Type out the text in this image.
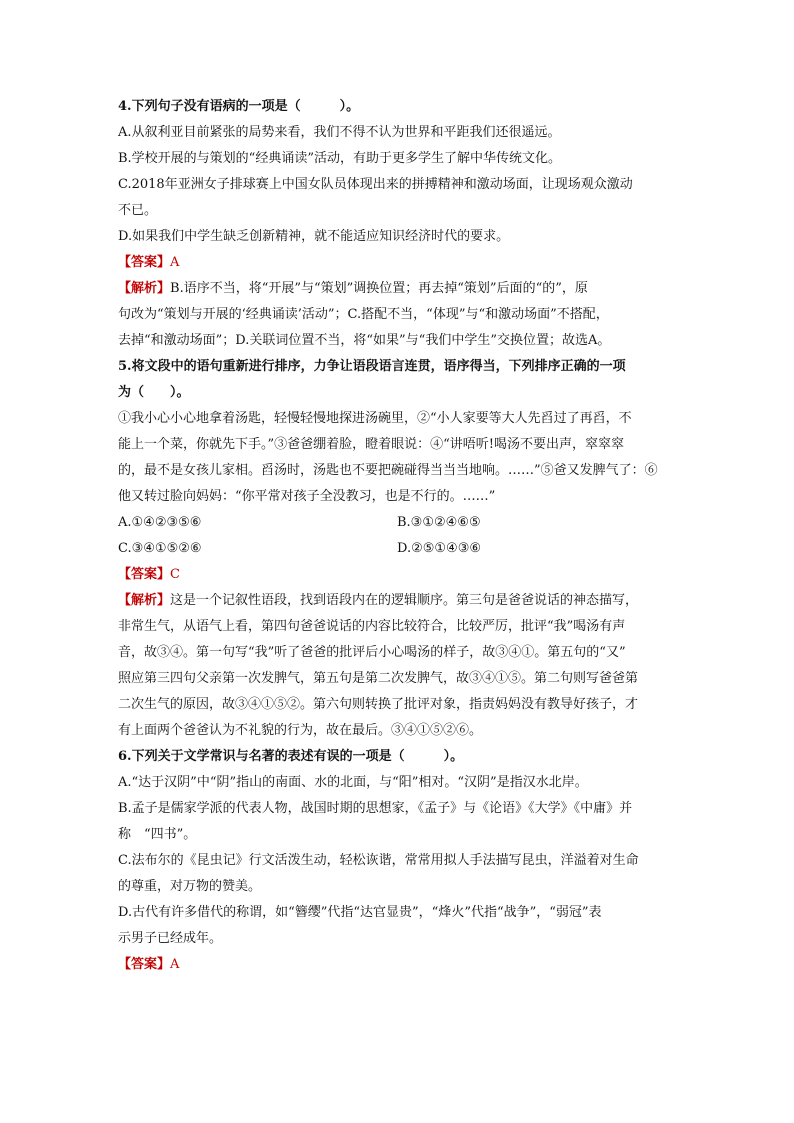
4.下列句子没有语病的一项是（　　　）。
A.从叙利亚目前紧张的局势来看，我们不得不认为世界和平距我们还很遥远。
B.学校开展的与策划的“经典诵读”活动，有助于更多学生了解中华传统文化。
C.2018年亚洲女子排球赛上中国女队员体现出来的拼搏精神和激动场面，让现场观众激动
不已。
D.如果我们中学生缺乏创新精神，就不能适应知识经济时代的要求。
【答案】A
【解析】B.语序不当，将“开展”与“策划”调换位置；再去掉“策划”后面的“的”，原
句改为“策划与开展的‘经典诵读’活动”；C.搭配不当，“体现”与“和激动场面”不搭配，
去掉“和激动场面”；D.关联词位置不当，将“如果”与“我们中学生”交换位置；故选A。
5.将文段中的语句重新进行排序，力争让语段语言连贯，语序得当，下列排序正确的一项
为（　　）。
①我小心小心地拿着汤匙，轻慢轻慢地探进汤碗里，②“小人家要等大人先舀过了再舀，不
能上一个菜，你就先下手。”③爸爸绷着脸，瞪着眼说：④“讲唔听!喝汤不要出声，窣窣窣
的，最不是女孩儿家相。舀汤时，汤匙也不要把碗碰得当当当地响。……”⑤爸又发脾气了：⑥
他又转过脸向妈妈：“你平常对孩子全没教习，也是不行的。……”
A.①④②③⑤⑥	B.③①②④⑥⑤
C.③④①⑤②⑥	D.②⑤①④③⑥
【答案】C
【解析】这是一个记叙性语段，找到语段内在的逻辑顺序。第三句是爸爸说话的神态描写，
非常生气，从语气上看，第四句爸爸说话的内容比较符合，比较严厉，批评“我”喝汤有声
音，故③④。第一句写“我”听了爸爸的批评后小心喝汤的样子，故③④①。第五句的“又”
照应第三四句父亲第一次发脾气，第五句是第二次发脾气，故③④①⑤。第二句则写爸爸第
二次生气的原因，故③④①⑤②。第六句则转换了批评对象，指责妈妈没有教导好孩子，才
有上面两个爸爸认为不礼貌的行为，故在最后。③④①⑤②⑥。
6.下列关于文学常识与名著的表述有误的一项是（　　　）。
A.“达于汉阴”中“阴”指山的南面、水的北面，与“阳”相对。“汉阴”是指汉水北岸。
B.孟子是儒家学派的代表人物，战国时期的思想家，《孟子》与《论语》《大学》《中庸》并
称　“四书”。
C.法布尔的《昆虫记》行文活泼生动，轻松诙谐，常常用拟人手法描写昆虫，洋溢着对生命
的尊重，对万物的赞美。
D.古代有许多借代的称谓，如“簪缨”代指“达官显贵”，“烽火”代指“战争”，“弱冠”表
示男子已经成年。
【答案】A
